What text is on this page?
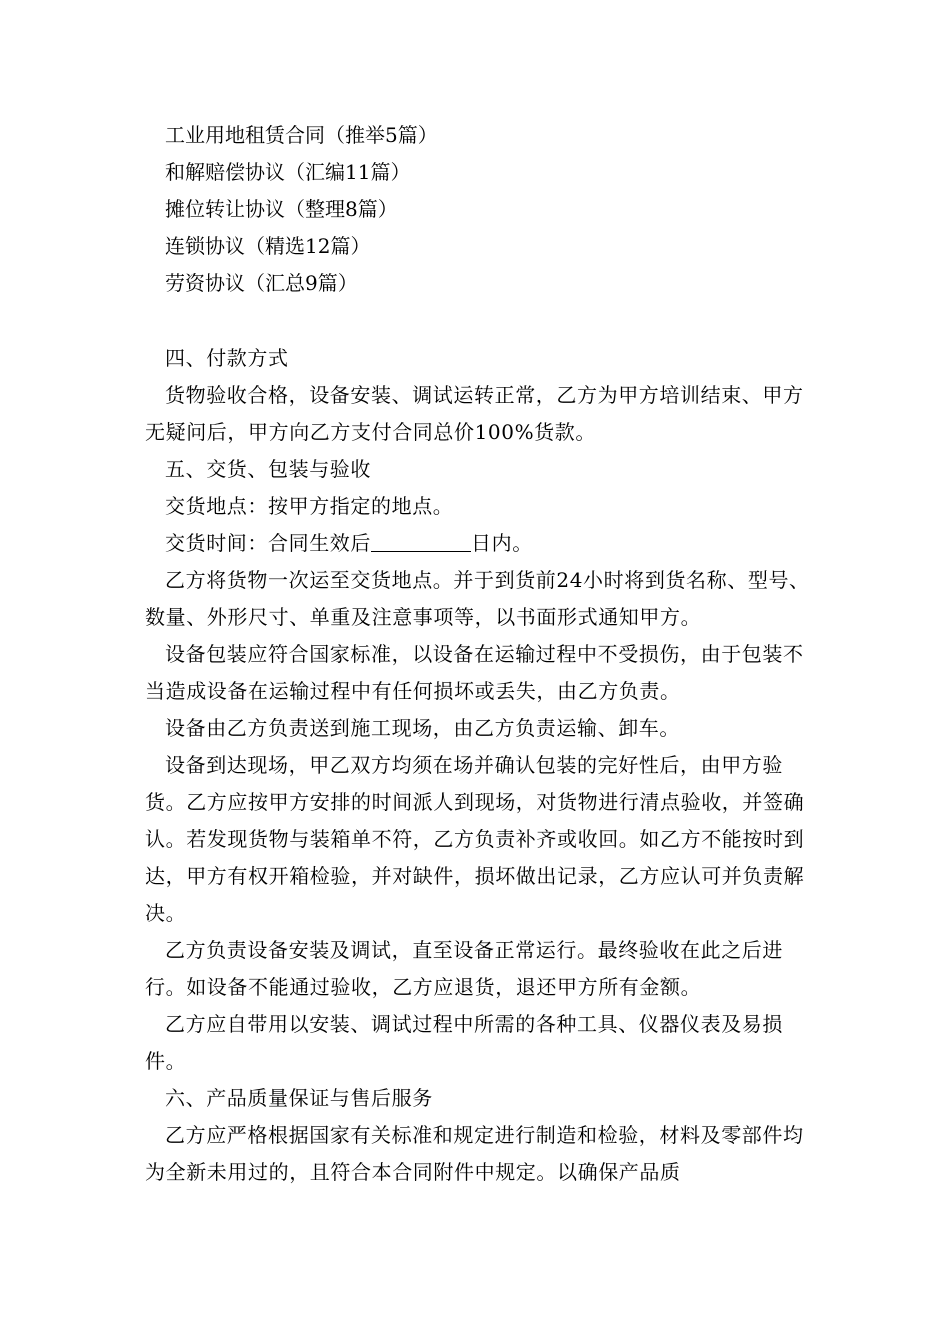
工业用地租赁合同（推举5篇）
和解赔偿协议（汇编11篇）
摊位转让协议（整理8篇）
连锁协议（精选12篇）
劳资协议（汇总9篇）

四、付款方式

货物验收合格，设备安装、调试运转正常，乙方为甲方培训结束、甲方无疑问后，甲方向乙方支付合同总价100%货款。

五、交货、包装与验收

交货地点：按甲方指定的地点。

交货时间：合同生效后	日内。

乙方将货物一次运至交货地点。并于到货前24小时将到货名称、型号、数量、外形尺寸、单重及注意事项等，以书面形式通知甲方。

设备包装应符合国家标准，以设备在运输过程中不受损伤，由于包装不当造成设备在运输过程中有任何损坏或丢失，由乙方负责。

设备由乙方负责送到施工现场，由乙方负责运输、卸车。

设备到达现场，甲乙双方均须在场并确认包装的完好性后，由甲方验货。乙方应按甲方安排的时间派人到现场，对货物进行清点验收，并签确认。若发现货物与装箱单不符，乙方负责补齐或收回。如乙方不能按时到达，甲方有权开箱检验，并对缺件，损坏做出记录，乙方应认可并负责解决。

乙方负责设备安装及调试，直至设备正常运行。最终验收在此之后进行。如设备不能通过验收，乙方应退货，退还甲方所有金额。

乙方应自带用以安装、调试过程中所需的各种工具、仪器仪表及易损件。

六、产品质量保证与售后服务

乙方应严格根据国家有关标准和规定进行制造和检验，材料及零部件均为全新未用过的，且符合本合同附件中规定。以确保产品质
